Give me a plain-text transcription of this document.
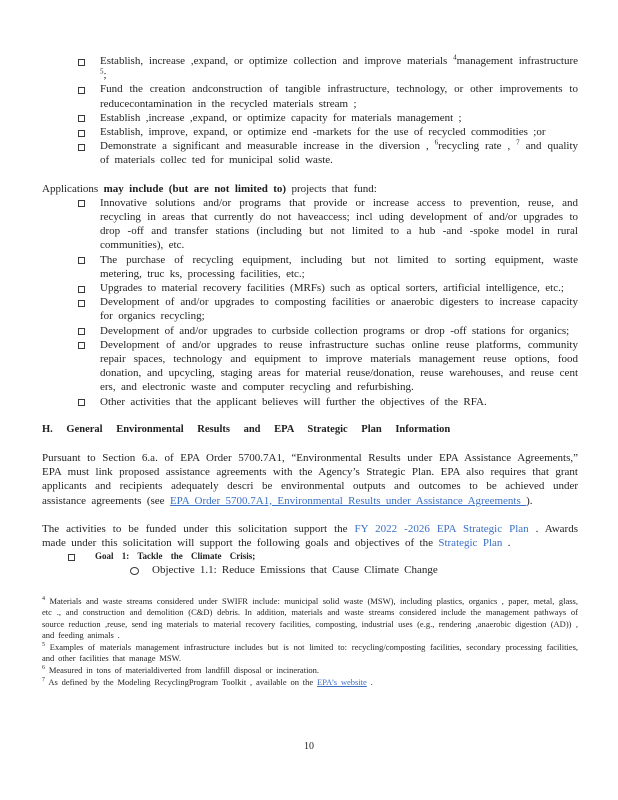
Establish, increase ,expand, or optimize collection and improve materials $^4$management infrastructure $^5$;
Fund the creation andconstruction of tangible infrastructure, technology, or other improvements to reducecontamination in the recycled materials stream ;
Establish ,increase ,expand, or optimize capacity for materials management ;
Establish, improve, expand, or optimize end -markets for the use of recycled commodities ;or
Demonstrate a significant and measurable increase in the diversion , $^6$recycling rate , $^7$ and quality of materials collec ted for municipal solid waste.

Applications may include (but are not limited to) projects that fund:

Innovative solutions and/or programs that provide or increase access to prevention, reuse, and recycling in areas that currently do not haveaccess; incl uding development of and/or upgrades to drop -off and transfer stations (including but not limited to a hub -and -spoke model in rural communities), etc.
The purchase of recycling equipment, including but not limited to sorting equipment, waste metering, truc ks, processing facilities, etc.;
Upgrades to material recovery facilities (MRFs) such as optical sorters, artificial intelligence, etc.;
Development of and/or upgrades to composting facilities or anaerobic digesters to increase capacity for organics recycling;
Development of and/or upgrades to curbside collection programs or drop -off stations for organics;
Development of and/or upgrades to reuse infrastructure suchas online reuse platforms, community repair spaces, technology and equipment to improve materials management reuse options, food donation, and upcycling, staging areas for material reuse/donation, reuse warehouses, and reuse cent ers, and electronic waste and computer recycling and refurbishing.
Other activities that the applicant believes will further the objectives of the RFA.
H. General Environmental Results and EPA Strategic Plan Information

Pursuant to Section 6.a. of EPA Order 5700.7A1, “Environmental Results under EPA Assistance Agreements,” EPA must link proposed assistance agreements with the Agency’s Strategic Plan. EPA also requires that grant applicants and recipients adequately descri be environmental outputs and outcomes to be achieved under assistance agreements (see EPA Order 5700.7A1, Environmental Results under Assistance Agreements ).

The activities to be funded under this solicitation support the FY 2022 -2026 EPA Strategic Plan . Awards made under this solicitation will support the following goals and objectives of the Strategic Plan .

Goal 1: Tackle the Climate Crisis;
Objective 1.1: Reduce Emissions that Cause Climate Change

$^4$ Materials and waste streams considered under SWIFR include: municipal solid waste (MSW), including plastics, organics , paper, metal, glass, etc ., and construction and demolition (C&D) debris. In addition, materials and waste streams considered include the management pathways of source reduction ,reuse, send ing materials to material recovery facilities, composting, industrial uses (e.g., rendering ,anaerobic digestion (AD)) , and feeding animals .

$^5$ Examples of materials management infrastructure includes but is not limited to: recycling/composting facilities, secondary processing facilities, and other facilities that manage MSW.

$^6$ Measured in tons of materialdiverted from landfill disposal or incineration.

$^7$ As defined by the Modeling RecyclingProgram Toolkit , available on the EPA’s website .

10
